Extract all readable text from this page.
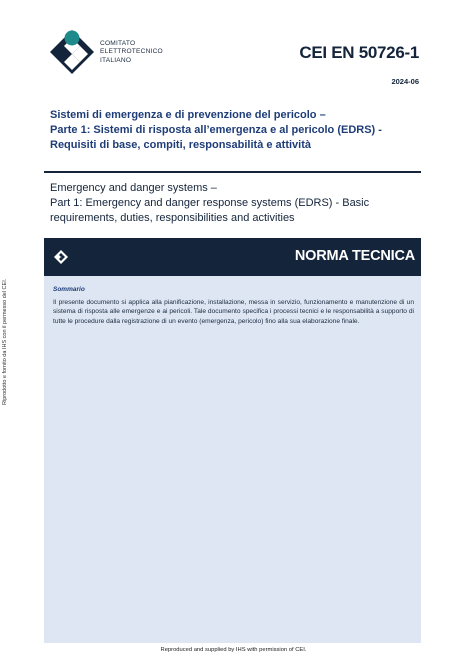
Riprodotto e fornito da IHS con il permesso del CEI.
COMITATO
ELETTROTECNICO
ITALIANO	CEI EN 50726-1
2024-06
Sistemi di emergenza e di prevenzione del pericolo –
Parte 1: Sistemi di risposta all’emergenza e al pericolo (EDRS) -
Requisiti di base, compiti, responsabilità e attività
Emergency and danger systems –
Part 1: Emergency and danger response systems (EDRS) - Basic
requirements, duties, responsibilities and activities
NORMA TECNICA
Sommario
Il presente documento si applica alla pianificazione, installazione, messa in servizio, funzionamento e manutenzione di un sistema di risposta alle emergenze e ai pericoli. Tale documento specifica i processi tecnici e le responsabilità a supporto di tutte le procedure dalla registrazione di un evento (emergenza, pericolo) fino alla sua elaborazione finale.
Reproduced and supplied by IHS with permission of CEI.
